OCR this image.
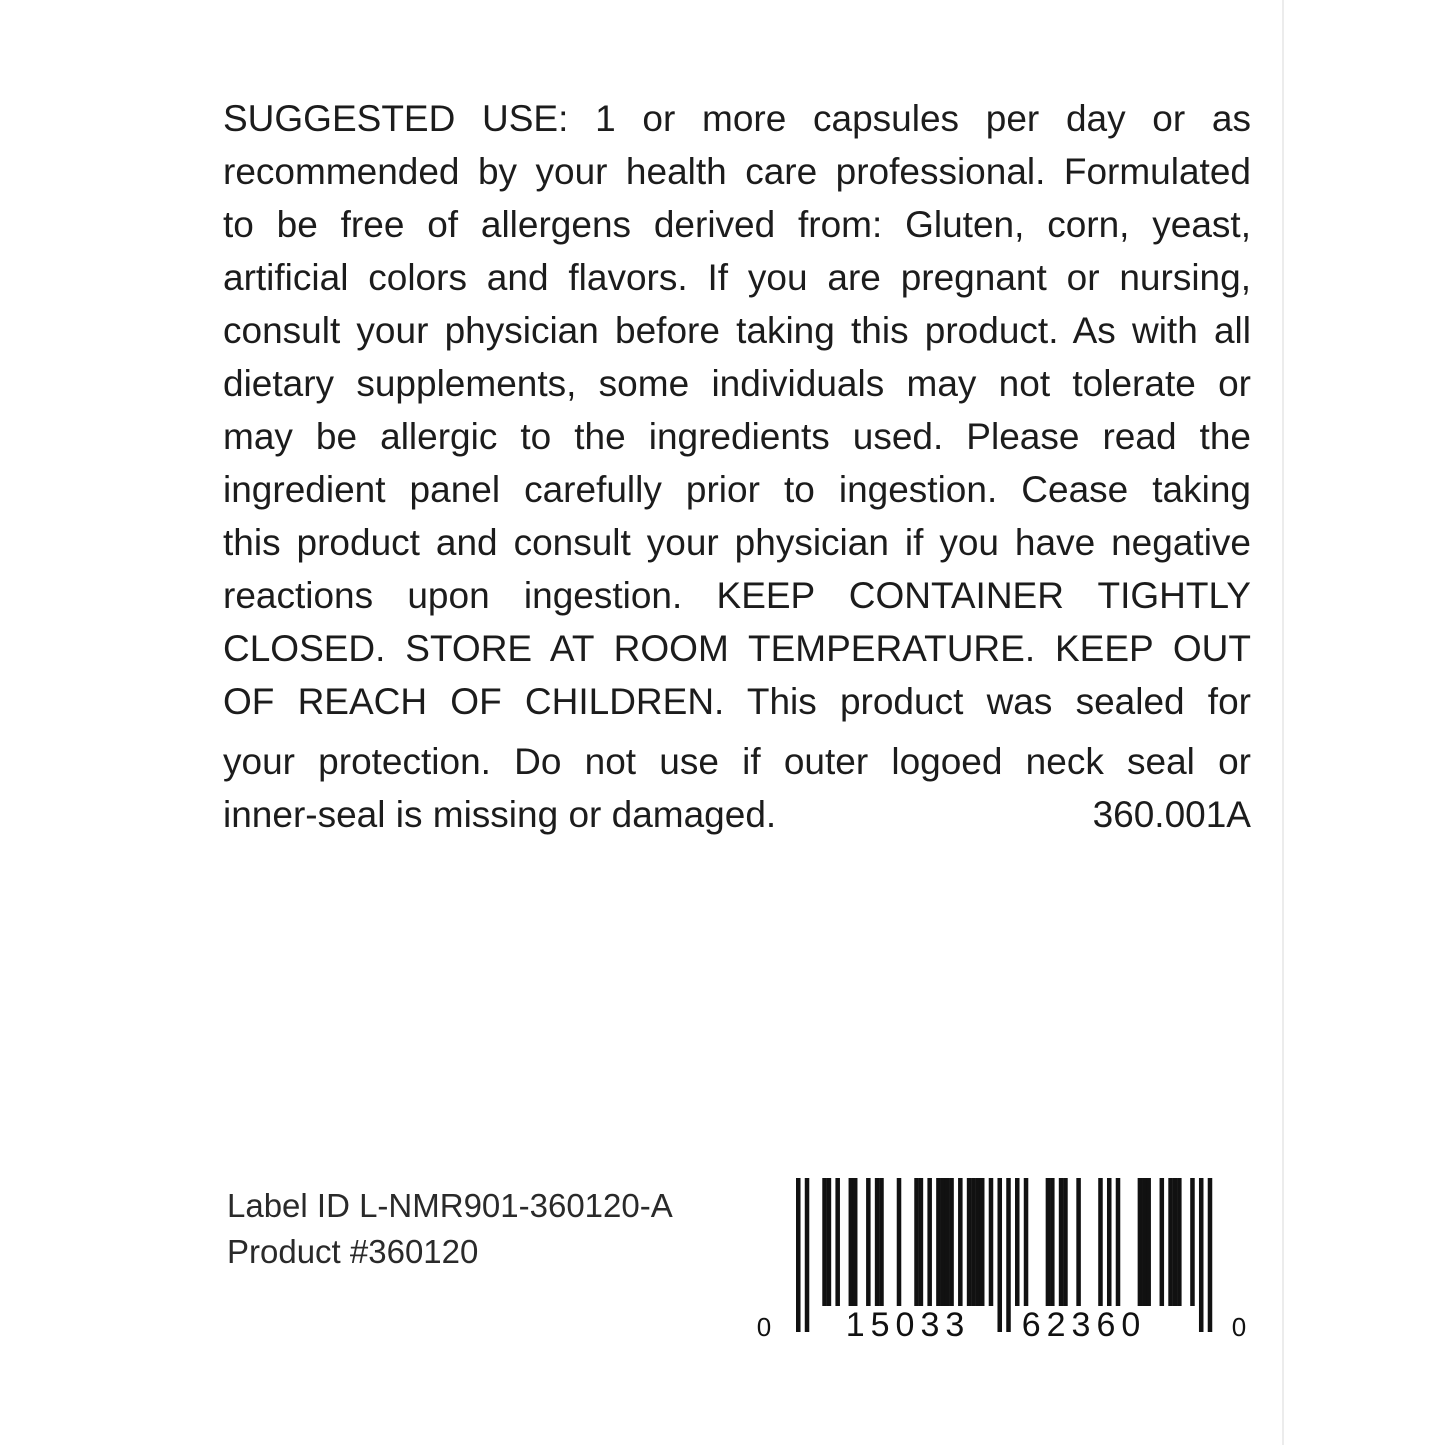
SUGGESTED USE: 1 or more capsules per day or as
recommended by your health care professional. Formulated
to be free of allergens derived from: Gluten, corn, yeast,
artificial colors and flavors. If you are pregnant or nursing,
consult your physician before taking this product. As with all
dietary supplements, some individuals may not tolerate or
may be allergic to the ingredients used. Please read the
ingredient panel carefully prior to ingestion. Cease taking
this product and consult your physician if you have negative
reactions upon ingestion. KEEP CONTAINER TIGHTLY
CLOSED. STORE AT ROOM TEMPERATURE. KEEP OUT
OF REACH OF CHILDREN. This product was sealed for
your protection. Do not use if outer logoed neck seal or
inner-seal is missing or damaged.	360.001A
Label ID L-NMR901-360120-A
Product #360120
0 15033 62360	0
